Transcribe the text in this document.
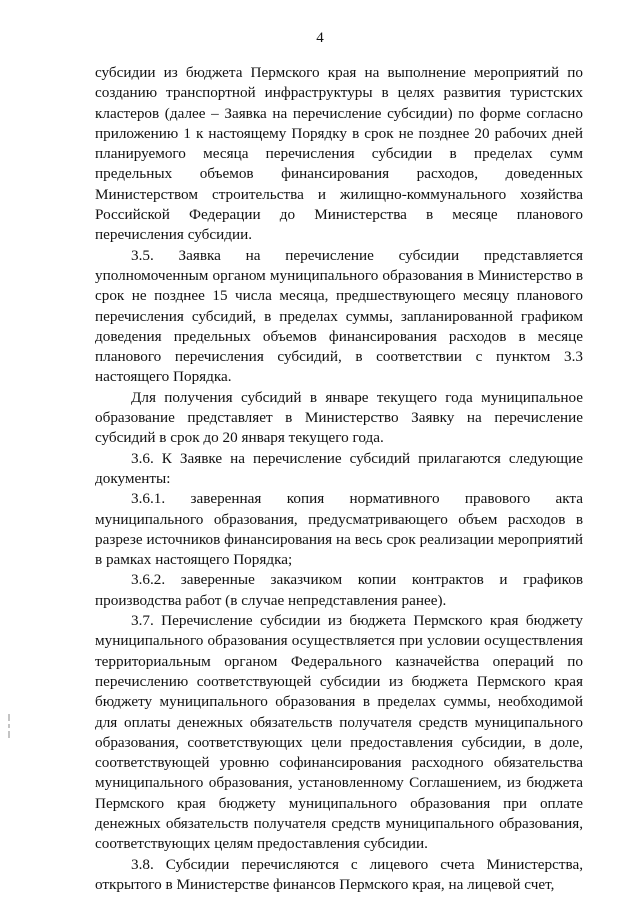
4

субсидии из бюджета Пермского края на выполнение мероприятий по созданию транспортной инфраструктуры в целях развития туристских кластеров (далее – Заявка на перечисление субсидии) по форме согласно приложению 1 к настоящему Порядку в срок не позднее 20 рабочих дней планируемого месяца перечисления субсидии в пределах сумм предельных объемов финансирования расходов, доведенных Министерством строительства и жилищно-коммунального хозяйства Российской Федерации до Министерства в месяце планового перечисления субсидии.

3.5. Заявка на перечисление субсидии представляется уполномоченным органом муниципального образования в Министерство в срок не позднее 15 числа месяца, предшествующего месяцу планового перечисления субсидий, в пределах суммы, запланированной графиком доведения предельных объемов финансирования расходов в месяце планового перечисления субсидий, в соответствии с пунктом 3.3 настоящего Порядка.

Для получения субсидий в январе текущего года муниципальное образование представляет в Министерство Заявку на перечисление субсидий в срок до 20 января текущего года.

3.6. К Заявке на перечисление субсидий прилагаются следующие документы:

3.6.1. заверенная копия нормативного правового акта муниципального образования, предусматривающего объем расходов в разрезе источников финансирования на весь срок реализации мероприятий в рамках настоящего Порядка;

3.6.2. заверенные заказчиком копии контрактов и графиков производства работ (в случае непредставления ранее).

3.7. Перечисление субсидии из бюджета Пермского края бюджету муниципального образования осуществляется при условии осуществления территориальным органом Федерального казначейства операций по перечислению соответствующей субсидии из бюджета Пермского края бюджету муниципального образования в пределах суммы, необходимой для оплаты денежных обязательств получателя средств муниципального образования, соответствующих цели предоставления субсидии, в доле, соответствующей уровню софинансирования расходного обязательства муниципального образования, установленному Соглашением, из бюджета Пермского края бюджету муниципального образования при оплате денежных обязательств получателя средств муниципального образования, соответствующих целям предоставления субсидии.

3.8. Субсидии перечисляются с лицевого счета Министерства, открытого в Министерстве финансов Пермского края, на лицевой счет,
